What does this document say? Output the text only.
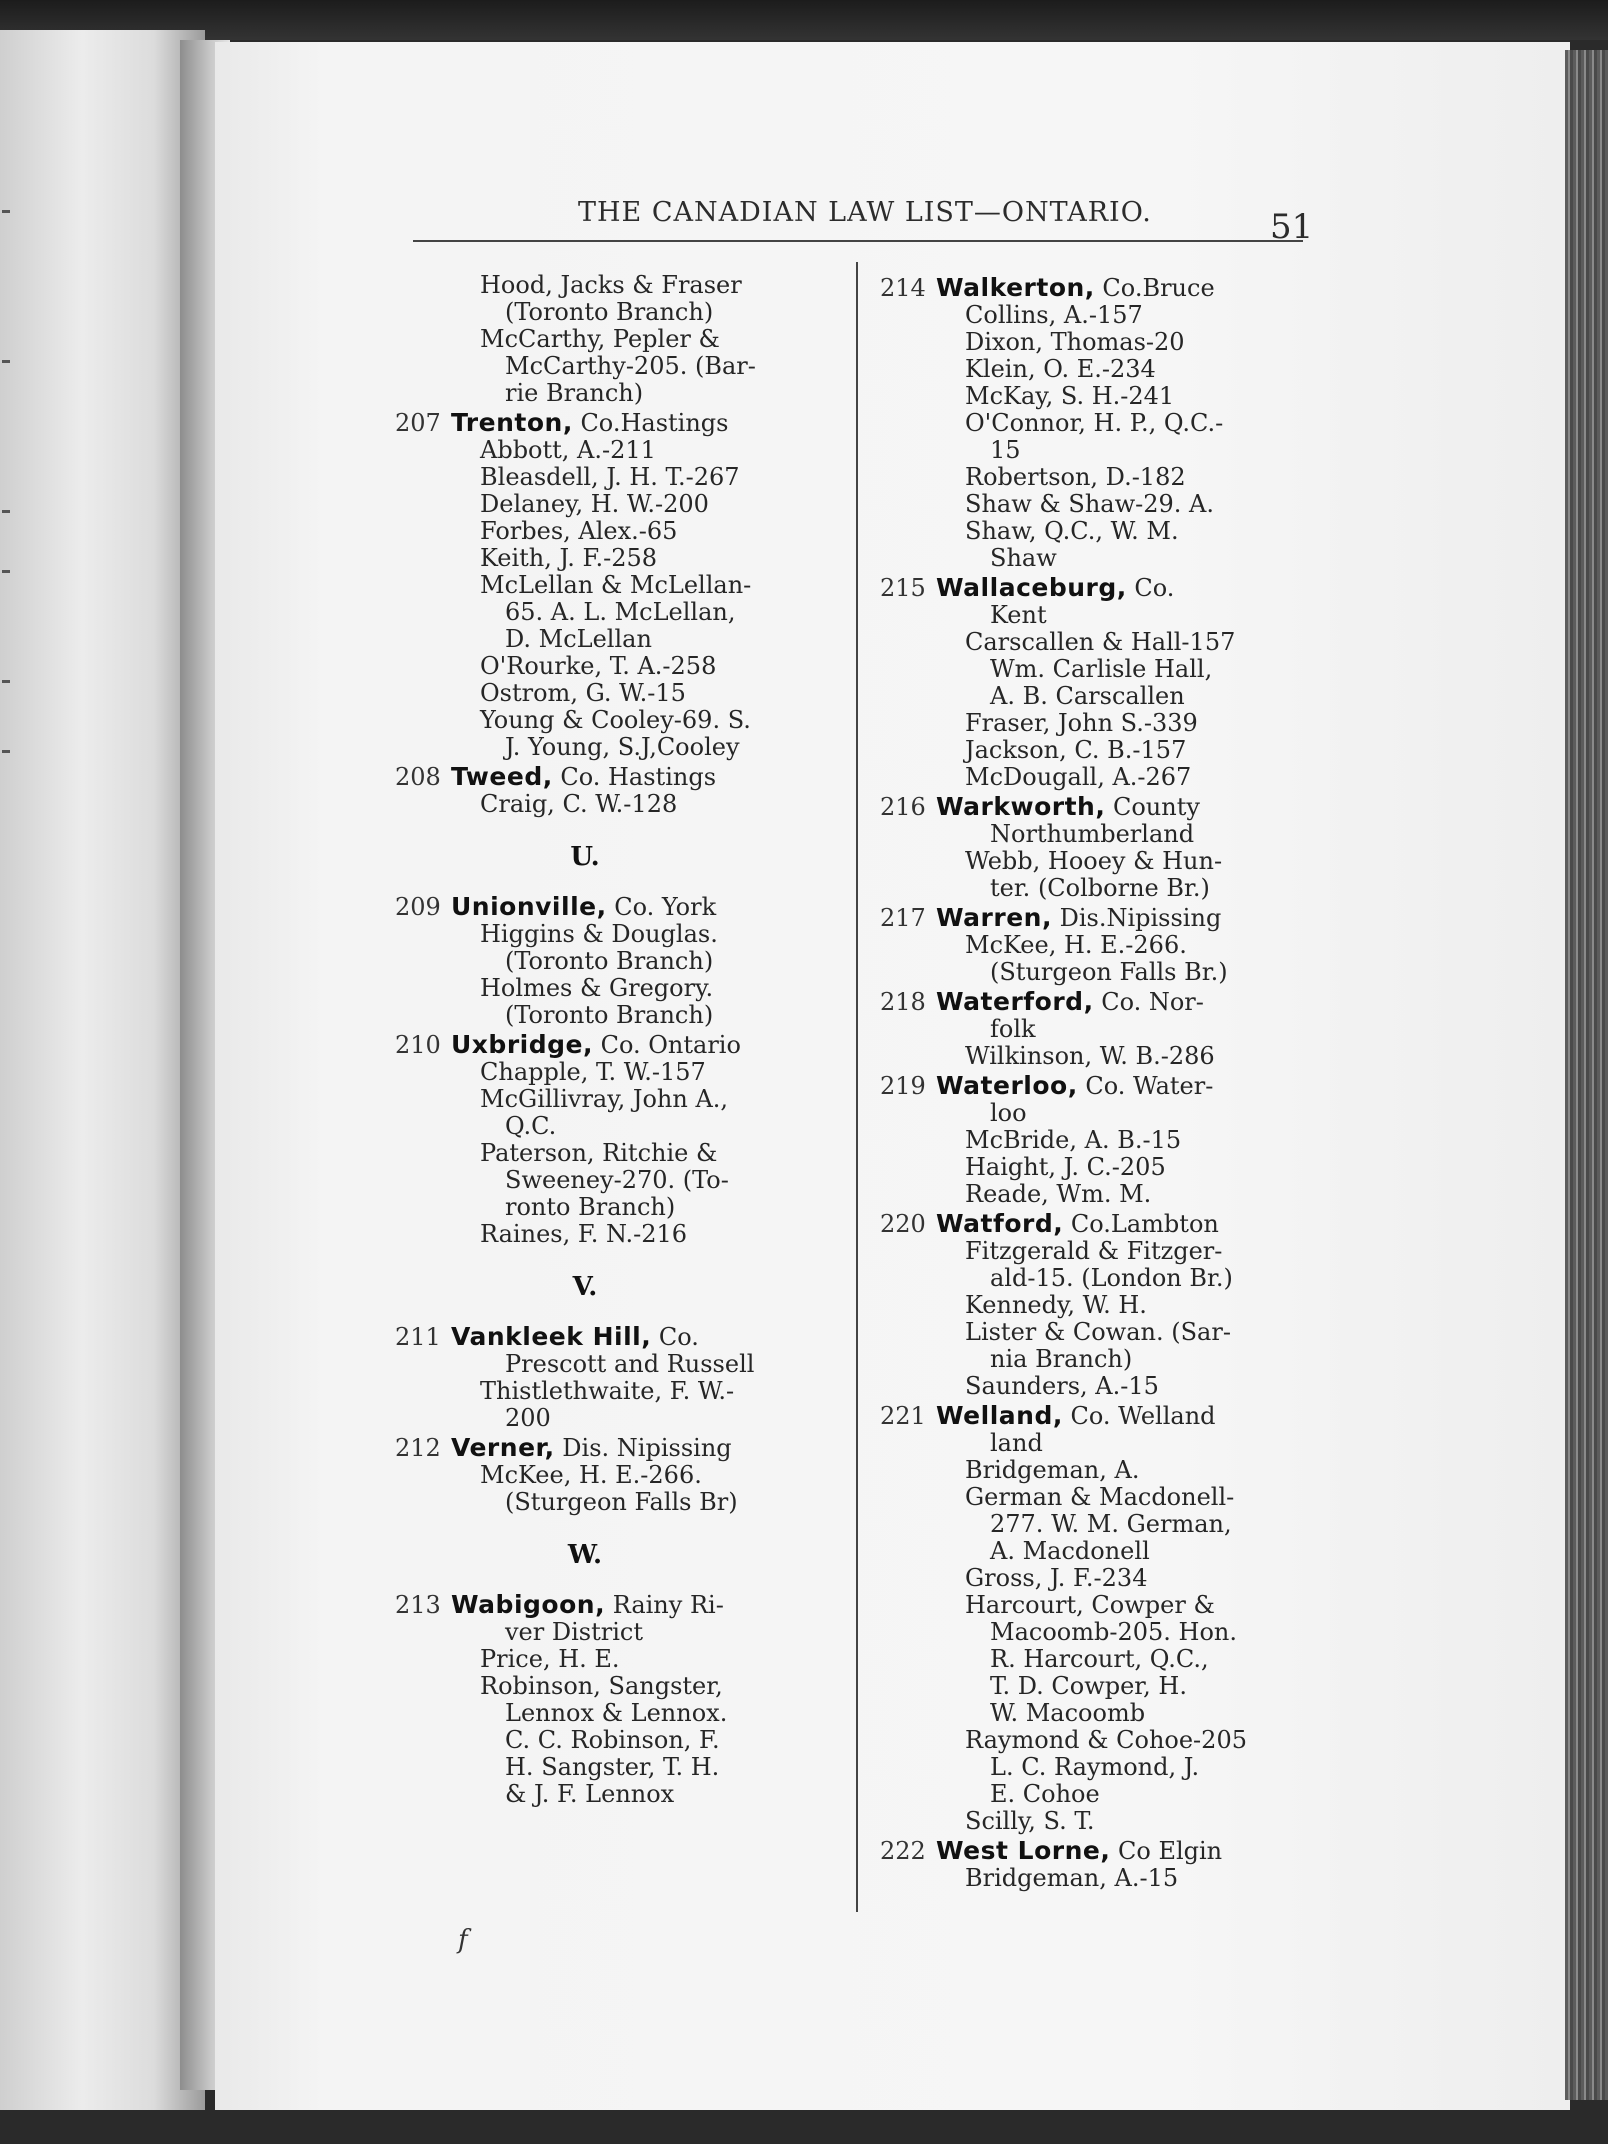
THE CANADIAN LAW LIST—ONTARIO.	51
Hood, Jacks & Fraser
(Toronto Branch)
McCarthy, Pepler &
McCarthy-205. (Bar-
rie Branch)
207 Trenton, Co.Hastings
Abbott, A.-211
Bleasdell, J. H. T.-267
Delaney, H. W.-200
Forbes, Alex.-65
Keith, J. F.-258
McLellan & McLellan-
65. A. L. McLellan,
D. McLellan
O'Rourke, T. A.-258
Ostrom, G. W.-15
Young & Cooley-69. S.
J. Young, S.J,Cooley
208 Tweed, Co. Hastings
Craig, C. W.-128
U.
209 Unionville, Co. York
Higgins & Douglas.
(Toronto Branch)
Holmes & Gregory.
(Toronto Branch)
210 Uxbridge, Co. Ontario
Chapple, T. W.-157
McGillivray, John A.,
Q.C.
Paterson, Ritchie &
Sweeney-270. (To-
ronto Branch)
Raines, F. N.-216
V.
211 Vankleek Hill, Co.
Prescott and Russell
Thistlethwaite, F. W.-
200
212 Verner, Dis. Nipissing
McKee, H. E.-266.
(Sturgeon Falls Br)
W.
213 Wabigoon, Rainy Ri-
ver District
Price, H. E.
Robinson, Sangster,
Lennox & Lennox.
C. C. Robinson, F.
H. Sangster, T. H.
& J. F. Lennox
214 Walkerton, Co.Bruce
Collins, A.-157
Dixon, Thomas-20
Klein, O. E.-234
McKay, S. H.-241
O'Connor, H. P., Q.C.-
15
Robertson, D.-182
Shaw & Shaw-29. A.
Shaw, Q.C., W. M.
Shaw
215 Wallaceburg, Co.
Kent
Carscallen & Hall-157
Wm. Carlisle Hall,
A. B. Carscallen
Fraser, John S.-339
Jackson, C. B.-157
McDougall, A.-267
216 Warkworth, County
Northumberland
Webb, Hooey & Hun-
ter. (Colborne Br.)
217 Warren, Dis.Nipissing
McKee, H. E.-266.
(Sturgeon Falls Br.)
218 Waterford, Co. Nor-
folk
Wilkinson, W. B.-286
219 Waterloo, Co. Water-
loo
McBride, A. B.-15
Haight, J. C.-205
Reade, Wm. M.
220 Watford, Co.Lambton
Fitzgerald & Fitzger-
ald-15. (London Br.)
Kennedy, W. H.
Lister & Cowan. (Sar-
nia Branch)
Saunders, A.-15
221 Welland, Co. Welland
land
Bridgeman, A.
German & Macdonell-
277. W. M. German,
A. Macdonell
Gross, J. F.-234
Harcourt, Cowper &
Macoomb-205. Hon.
R. Harcourt, Q.C.,
T. D. Cowper, H.
W. Macoomb
Raymond & Cohoe-205
L. C. Raymond, J.
E. Cohoe
Scilly, S. T.
222 West Lorne, Co Elgin
Bridgeman, A.-15
f
